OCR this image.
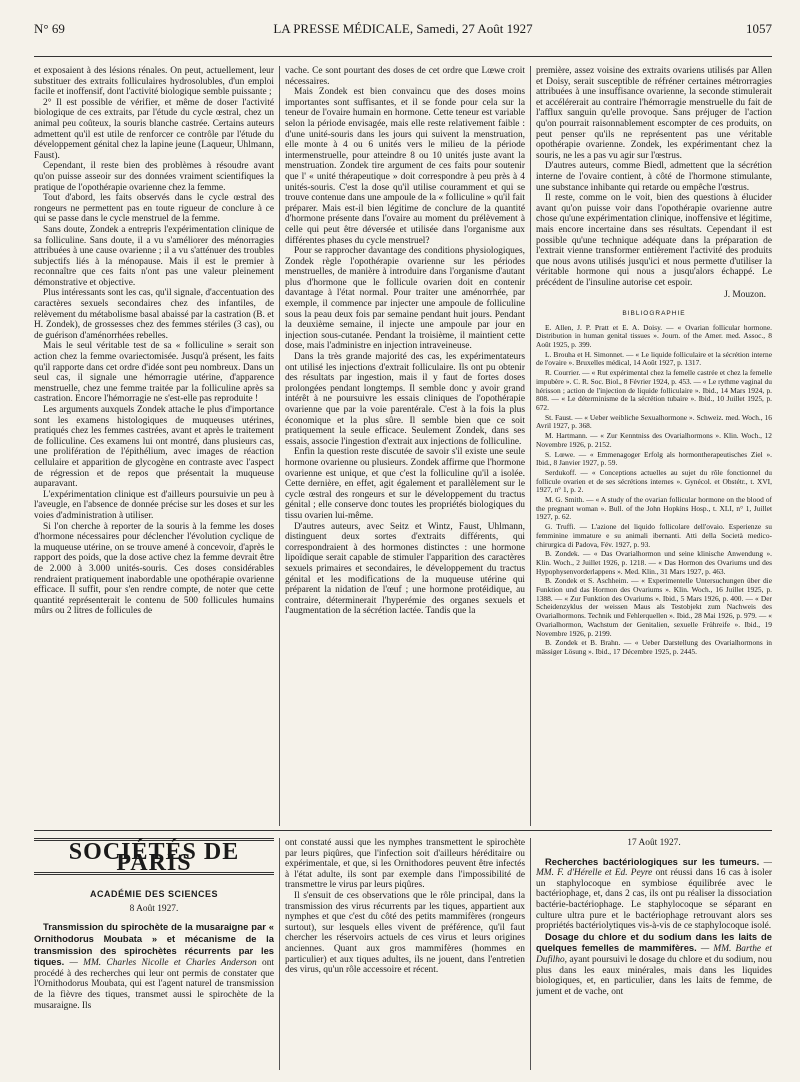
N° 69	LA PRESSE MÉDICALE, Samedi, 27 Août 1927	1057

et exposaient à des lésions rénales. On peut, actuellement, leur substituer des extraits folliculaires hydrosolubles, d'un emploi facile et inoffensif, dont l'activité biologique semble puissante ;

2° Il est possible de vérifier, et même de doser l'activité biologique de ces extraits, par l'étude du cycle œstral, chez un animal peu coûteux, la souris blanche castrée. Certains auteurs admettent qu'il est utile de renforcer ce contrôle par l'étude du développement génital chez la lapine jeune (Laqueur, Uhlmann, Faust).

Cependant, il reste bien des problèmes à résoudre avant qu'on puisse asseoir sur des données vraiment scientifiques la pratique de l'opothérapie ovarienne chez la femme.

Tout d'abord, les faits observés dans le cycle œstral des rongeurs ne permettent pas en toute rigueur de conclure à ce qui se passe dans le cycle menstruel de la femme.

Sans doute, Zondek a entrepris l'expérimentation clinique de sa folliculine. Sans doute, il a vu s'améliorer des ménorragies attribuées à une cause ovarienne ; il a vu s'atténuer des troubles subjectifs liés à la ménopause. Mais il est le premier à reconnaître que ces faits n'ont pas une valeur pleinement démonstrative et objective.

Plus intéressants sont les cas, qu'il signale, d'accentuation des caractères sexuels secondaires chez des infantiles, de relèvement du métabolisme basal abaissé par la castration (B. et H. Zondek), de grossesses chez des femmes stériles (3 cas), ou de guérison d'aménorrhées rebelles.

Mais le seul véritable test de sa « folliculine » serait son action chez la femme ovariectomisée. Jusqu'à présent, les faits qu'il rapporte dans cet ordre d'idée sont peu nombreux. Dans un seul cas, il signale une hémorragie utérine, d'apparence menstruelle, chez une femme traitée par la folliculine après sa castration. Encore l'hémorragie ne s'est-elle pas reproduite !

Les arguments auxquels Zondek attache le plus d'importance sont les examens histologiques de muqueuses utérines, pratiqués chez les femmes castrées, avant et après le traitement de folliculine. Ces examens lui ont montré, dans plusieurs cas, une prolifération de l'épithélium, avec images de réaction cellulaire et apparition de glycogène en contraste avec l'aspect de régression et de repos que présentait la muqueuse auparavant.

L'expérimentation clinique est d'ailleurs poursuivie un peu à l'aveugle, en l'absence de donnée précise sur les doses et sur les voies d'administration à utiliser.

Si l'on cherche à reporter de la souris à la femme les doses d'hormone nécessaires pour déclencher l'évolution cyclique de la muqueuse utérine, on se trouve amené à concevoir, d'après le rapport des poids, que la dose active chez la femme devrait être de 2.000 à 3.000 unités-souris. Ces doses considérables rendraient pratiquement inabordable une opothérapie ovarienne efficace. Il suffit, pour s'en rendre compte, de noter que cette quantité représenterait le contenu de 500 follicules humains mûrs ou 2 litres de follicules de

vache. Ce sont pourtant des doses de cet ordre que Lœwe croit nécessaires.

Mais Zondek est bien convaincu que des doses moins importantes sont suffisantes, et il se fonde pour cela sur la teneur de l'ovaire humain en hormone. Cette teneur est variable selon la période envisagée, mais elle reste relativement faible : d'une unité-souris dans les jours qui suivent la menstruation, elle monte à 4 ou 6 unités vers le milieu de la période intermenstruelle, pour atteindre 8 ou 10 unités juste avant la menstruation. Zondek tire argument de ces faits pour soutenir que l' « unité thérapeutique » doit correspondre à peu près à 4 unités-souris. C'est la dose qu'il utilise couramment et qui se trouve contenue dans une ampoule de la « folliculine » qu'il fait préparer. Mais est-il bien légitime de conclure de la quantité d'hormone présente dans l'ovaire au moment du prélèvement à celle qui peut être déversée et utilisée dans l'organisme aux différentes phases du cycle menstruel?

Pour se rapprocher davantage des conditions physiologiques, Zondek règle l'opothérapie ovarienne sur les périodes menstruelles, de manière à introduire dans l'organisme d'autant plus d'hormone que le follicule ovarien doit en contenir davantage à l'état normal. Pour traiter une aménorrhée, par exemple, il commence par injecter une ampoule de folliculine sous la peau deux fois par semaine pendant huit jours. Pendant la deuxième semaine, il injecte une ampoule par jour en injection sous-cutanée. Pendant la troisième, il maintient cette dose, mais l'administre en injection intraveineuse.

Dans la très grande majorité des cas, les expérimentateurs ont utilisé les injections d'extrait folliculaire. Ils ont pu obtenir des résultats par ingestion, mais il y faut de fortes doses prolongées pendant longtemps. Il semble donc y avoir grand intérêt à ne poursuivre les essais cliniques de l'opothérapie ovarienne que par la voie parentérale. C'est à la fois la plus économique et la plus sûre. Il semble bien que ce soit pratiquement la seule efficace. Seulement Zondek, dans ses essais, associe l'ingestion d'extrait aux injections de folliculine.

Enfin la question reste discutée de savoir s'il existe une seule hormone ovarienne ou plusieurs. Zondek affirme que l'hormone ovarienne est unique, et que c'est la folliculine qu'il a isolée. Cette dernière, en effet, agit également et parallèlement sur le cycle œstral des rongeurs et sur le développement du tractus génital ; elle conserve donc toutes les propriétés biologiques du tissu ovarien lui-même.

D'autres auteurs, avec Seitz et Wintz, Faust, Uhlmann, distinguent deux sortes d'extraits différents, qui correspondraient à des hormones distinctes : une hormone lipoïdique serait capable de stimuler l'apparition des caractères sexuels primaires et secondaires, le développement du tractus génital et les modifications de la muqueuse utérine qui préparent la nidation de l'œuf ; une hormone protéidique, au contraire, déterminerait l'hyperémie des organes sexuels et l'augmentation de la sécrétion lactée. Tandis que la

première, assez voisine des extraits ovariens utilisés par Allen et Doisy, serait susceptible de réfréner certaines métrorragies attribuées à une insuffisance ovarienne, la seconde stimulerait et accélérerait au contraire l'hémorragie menstruelle du fait de l'afflux sanguin qu'elle provoque. Sans préjuger de l'action qu'on pourrait raisonnablement escompter de ces produits, on peut penser qu'ils ne représentent pas une véritable opothérapie ovarienne. Zondek, les expérimentant chez la souris, ne les a pas vu agir sur l'œstrus.

D'autres auteurs, comme Biedl, admettent que la sécrétion interne de l'ovaire contient, à côté de l'hormone stimulante, une substance inhibante qui retarde ou empêche l'œstrus.

Il reste, comme on le voit, bien des questions à élucider avant qu'on puisse voir dans l'opothérapie ovarienne autre chose qu'une expérimentation clinique, inoffensive et légitime, mais encore incertaine dans ses résultats. Cependant il est possible qu'une technique adéquate dans la préparation de l'extrait vienne transformer entièrement l'activité des produits que nous avons utilisés jusqu'ici et nous permette d'utiliser la véritable hormone qui nous a jusqu'alors échappé. Le précédent de l'insuline autorise cet espoir.

J. Mouzon.
BIBLIOGRAPHIE

E. Allen, J. P. Pratt et E. A. Doisy. — « Ovarian follicular hormone. Distribution in human genital tissues ». Journ. of the Amer. med. Assoc., 8 Août 1925, p. 399.

L. Brouha et H. Simonnet. — « Le liquide folliculaire et la sécrétion interne de l'ovaire ». Bruxelles médical, 14 Août 1927, p. 1317.

R. Courrier. — « Rut expérimental chez la femelle castrée et chez la femelle impubère ». C. R. Soc. Biol., 8 Février 1924, p. 453. — « Le rythme vaginal du hérisson ; action de l'injection de liquide folliculaire ». Ibid., 14 Mars 1924, p. 808. — « Le déterminisme de la sécrétion tubaire ». Ibid., 10 Juillet 1925, p. 672.

St. Faust. — « Ueber weibliche Sexualhormone ». Schweiz. med. Woch., 16 Avril 1927, p. 368.

M. Hartmann. — « Zur Kenntniss des Ovarialhormons ». Klin. Woch., 12 Novembre 1926, p. 2152.

S. Lœwe. — « Emmenagoger Erfolg als hormontherapeutisches Ziel ». Ibid., 8 Janvier 1927, p. 59.

Serdukoff. — « Conceptions actuelles au sujet du rôle fonctionnel du follicule ovarien et de ses sécrétions internes ». Gynécol. et Obstétr., t. XVI, 1927, n° 1, p. 2.

M. G. Smith. — « A study of the ovarian follicular hormone on the blood of the pregnant woman ». Bull. of the John Hopkins Hosp., t. XLI, n° 1, Juillet 1927, p. 62.

G. Truffi. — L'azione del liquido follicolare dell'ovaio. Esperienze su femminine immature e su animali ibernanti. Atti della Società medico-chirurgica di Padova, Fév. 1927, p. 93.

B. Zondek. — « Das Ovarialhormon und seine klinische Anwendung ». Klin. Woch., 2 Juillet 1926, p. 1218. — « Das Hormon des Ovariums und des Hypophysenvorderlappens ». Med. Klin., 31 Mars 1927, p. 463.

B. Zondek et S. Aschheim. — « Experimentelle Untersuchungen über die Funktion und das Hormon des Ovariums ». Klin. Woch., 16 Juillet 1925, p. 1388. — « Zur Funktion des Ovariums ». Ibid., 5 Mars 1926, p. 400. — « Der Scheidenzyklus der weissen Maus als Testobjekt zum Nachweis des Ovarialhormons. Technik und Fehlerquellen ». Ibid., 28 Mai 1926, p. 979. — « Ovarialhormon, Wachstum der Genitalien, sexuelle Frühreife ». Ibid., 19 Novembre 1926, p. 2199.

B. Zondek et B. Brahn. — « Ueber Darstellung des Ovarialhormons in mässiger Lösung ». Ibid., 17 Décembre 1925, p. 2445.

SOCIÉTÉS DE PARIS
ACADÉMIE DES SCIENCES
8 Août 1927.

Transmission du spirochète de la musaraigne par « Ornithodorus Moubata » et mécanisme de la transmission des spirochètes récurrents par les tiques. — MM. Charles Nicolle et Charles Anderson ont procédé à des recherches qui leur ont permis de constater que l'Ornithodorus Moubata, qui est l'agent naturel de transmission de la fièvre des tiques, transmet aussi le spirochète de la musaraigne. Ils

ont constaté aussi que les nymphes transmettent le spirochète par leurs piqûres, que l'infection soit d'ailleurs héréditaire ou expérimentale, et que, si les Ornithodores peuvent être infectés à l'état adulte, ils sont par exemple dans l'impossibilité de transmettre le virus par leurs piqûres.

Il s'ensuit de ces observations que le rôle principal, dans la transmission des virus récurrents par les tiques, appartient aux nymphes et que c'est du côté des petits mammifères (rongeurs surtout), sur lesquels elles vivent de préférence, qu'il faut chercher les réservoirs actuels de ces virus et leurs origines anciennes. Quant aux gros mammifères (hommes en particulier) et aux tiques adultes, ils ne jouent, dans l'entretien des virus, qu'un rôle accessoire et récent.

17 Août 1927.

Recherches bactériologiques sur les tumeurs. — MM. F. d'Hérelle et Ed. Peyre ont réussi dans 16 cas à isoler un staphylocoque en symbiose équilibrée avec le bactériophage, et, dans 2 cas, ils ont pu réaliser la dissociation bactérie-bactériophage. Le staphylocoque se séparant en culture ultra pure et le bactériophage retrouvant alors ses propriétés bactériolytiques vis-à-vis de ce staphylocoque isolé.

Dosage du chlore et du sodium dans les laits de quelques femelles de mammifères. — MM. Barthe et Dufilho, ayant poursuivi le dosage du chlore et du sodium, nou plus dans les eaux minérales, mais dans les liquides biologiques, et, en particulier, dans les laits de femme, de jument et de vache, ont
